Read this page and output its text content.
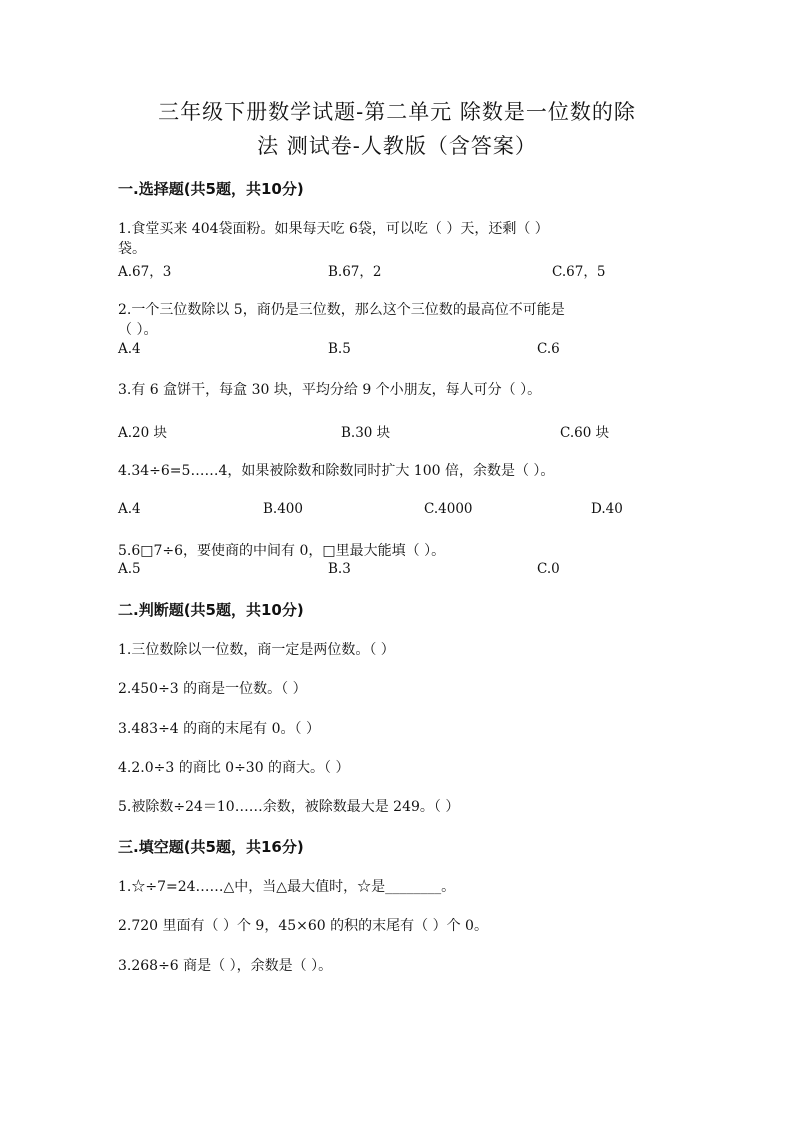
三年级下册数学试题-第二单元 除数是一位数的除
法 测试卷-人教版（含答案）
一.选择题(共5题，共10分)
1.食堂买来 404袋面粉。如果每天吃 6袋，可以吃（ ）天，还剩（ ）
袋。
A.67，3	B.67，2	C.67，5
2.一个三位数除以 5，商仍是三位数，那么这个三位数的最高位不可能是
（ ）。
A.4	B.5	C.6
3.有 6 盒饼干，每盒 30 块，平均分给 9 个小朋友，每人可分（ ）。
A.20 块	B.30 块	C.60 块
4.34÷6=5……4，如果被除数和除数同时扩大 100 倍，余数是（ ）。
A.4	B.400	C.4000	D.40
5.6□7÷6，要使商的中间有 0，□里最大能填（ ）。
A.5	B.3	C.0
二.判断题(共5题，共10分)
1.三位数除以一位数，商一定是两位数。（ ）
2.450÷3 的商是一位数。（ ）
3.483÷4 的商的末尾有 0。（ ）
4.2.0÷3 的商比 0÷30 的商大。（ ）
5.被除数÷24＝10……余数，被除数最大是 249。（ ）
三.填空题(共5题，共16分)
1.☆÷7=24……△中，当△最大值时，☆是________。
2.720 里面有（ ）个 9，45×60 的积的末尾有（ ）个 0。
3.268÷6 商是（ ），余数是（ ）。
